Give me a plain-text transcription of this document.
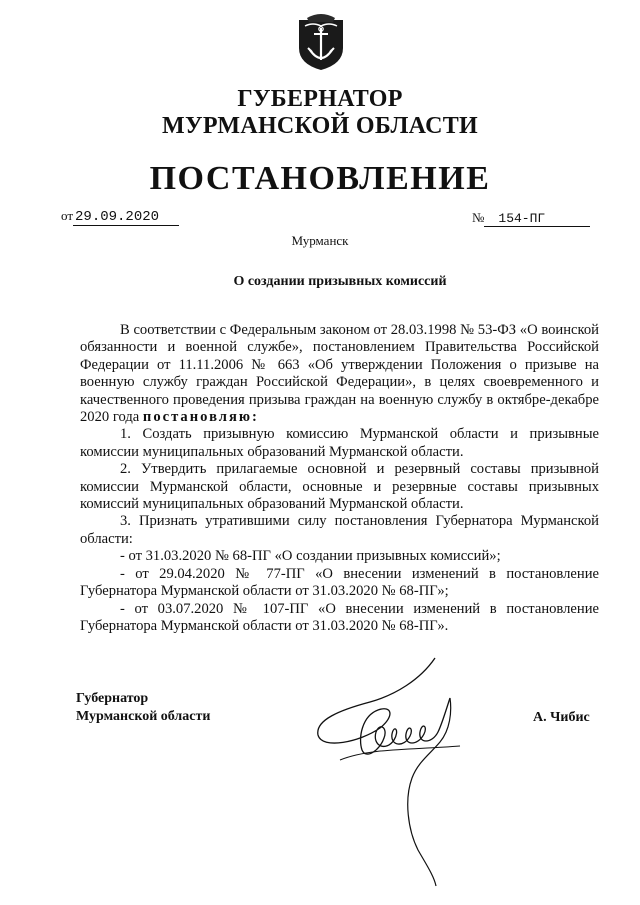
ГУБЕРНАТОР
МУРМАНСКОЙ ОБЛАСТИ
ПОСТАНОВЛЕНИЕ
от 29.09.2020	№ 154-ПГ
Мурманск
О создании призывных комиссий

В соответствии с Федеральным законом от 28.03.1998 № 53-ФЗ «О воинской обязанности и военной службе», постановлением Правительства Российской Федерации от 11.11.2006 № 663 «Об утверждении Положения о призыве на военную службу граждан Российской Федерации», в целях своевременного и качественного проведения призыва граждан на военную службу в октябре-декабре 2020 года постановляю:

1. Создать призывную комиссию Мурманской области и призывные комиссии муниципальных образований Мурманской области.

2. Утвердить прилагаемые основной и резервный составы призывной комиссии Мурманской области, основные и резервные составы призывных комиссий муниципальных образований Мурманской области.

3. Признать утратившими силу постановления Губернатора Мурманской области:

- от 31.03.2020 № 68-ПГ «О создании призывных комиссий»;

- от 29.04.2020 № 77-ПГ «О внесении изменений в постановление Губернатора Мурманской области от 31.03.2020 № 68-ПГ»;

- от 03.07.2020 № 107-ПГ «О внесении изменений в постановление Губернатора Мурманской области от 31.03.2020 № 68-ПГ».

Губернатор
Мурманской области	А. Чибис
